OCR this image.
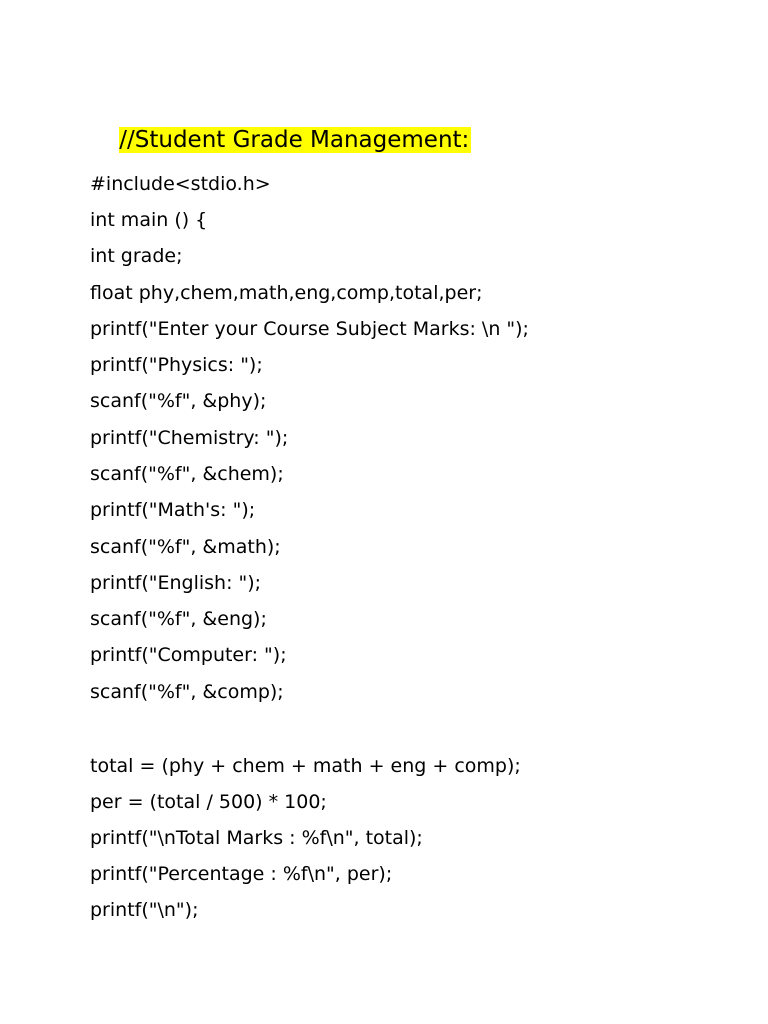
//Student Grade Management:

#include<stdio.h>
int main () {
int grade;
float phy,chem,math,eng,comp,total,per;
printf("Enter your Course Subject Marks: \n ");
printf("Physics: ");
scanf("%f", &phy);
printf("Chemistry: ");
scanf("%f", &chem);
printf("Math's: ");
scanf("%f", &math);
printf("English: ");
scanf("%f", &eng);
printf("Computer: ");
scanf("%f", &comp);
total = (phy + chem + math + eng + comp);
per = (total / 500) * 100;
printf("\nTotal Marks : %f\n", total);
printf("Percentage : %f\n", per);
printf("\n");
